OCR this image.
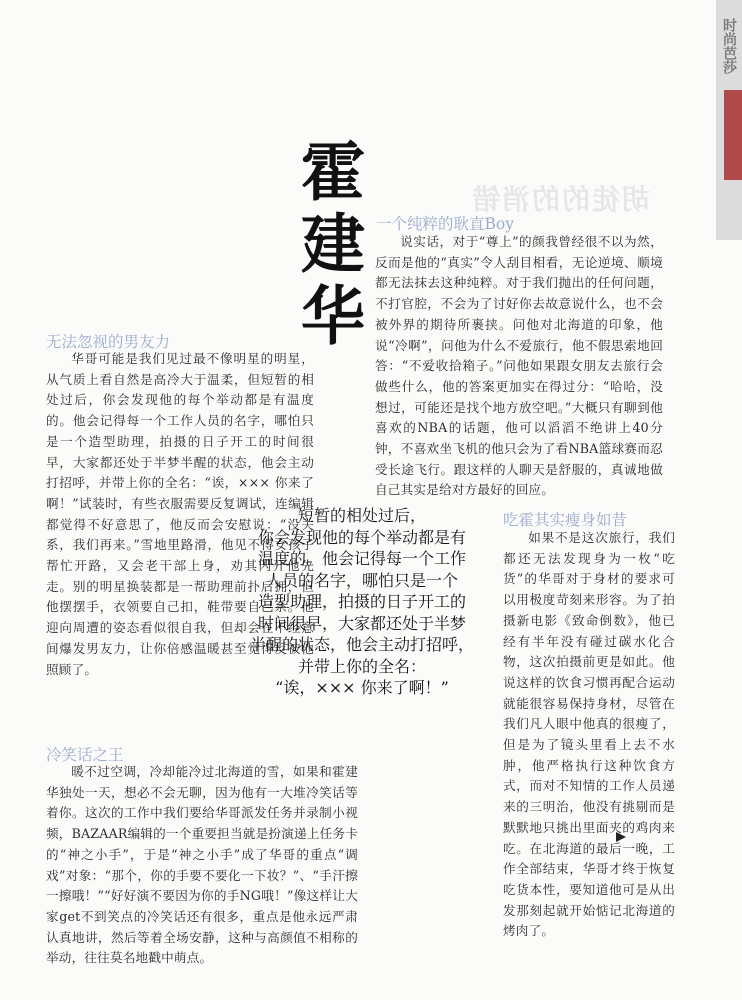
胡徒的的消错
时尚芭莎
霍建华 一个纯粹的耿直Boy
说实话，对于“尊上”的颜我曾经很不以为然，反而是他的“真实”令人刮目相看，无论逆境、顺境都无法抹去这种纯粹。对于我们抛出的任何问题，不打官腔，不会为了讨好你去故意说什么，也不会被外界的期待所裹挟。问他对北海道的印象，他说“冷啊”，问他为什么不爱旅行，他不假思索地回答：“不爱收拾箱子。”问他如果跟女朋友去旅行会做些什么，他的答案更加实在得过分：“哈哈，没想过，可能还是找个地方放空吧。”大概只有聊到他喜欢的NBA的话题，他可以滔滔不绝讲上40分钟，不喜欢坐飞机的他只会为了看NBA篮球赛而忍受长途飞行。跟这样的人聊天是舒服的，真诚地做自己其实是给对方最好的回应。
无法忽视的男友力
华哥可能是我们见过最不像明星的明星，从气质上看自然是高冷大于温柔，但短暂的相处过后，你会发现他的每个举动都是有温度的。他会记得每一个工作人员的名字，哪怕只是一个造型助理，拍摄的日子开工的时间很早，大家都还处于半梦半醒的状态，他会主动打招呼，并带上你的全名：“诶，××× 你来了啊！”试装时，有些衣服需要反复调试，连编辑都觉得不好意思了，他反而会安慰说：“没关系，我们再来。”雪地里路滑，他见不得女孩子帮忙开路，又会老干部上身，劝其闪开他先走。别的明星换装都是一帮助理前扑后拥，但他摆摆手，衣领要自己扣，鞋带要自己系。他迎向周遭的姿态看似很自我，但却会在不经意间爆发男友力，让你倍感温暖甚至觉得反被他照顾了。
短暂的相处过后，
你会发现他的每个举动都是有
温度的。他会记得每一个工作
人员的名字，哪怕只是一个
造型助理，拍摄的日子开工的
时间很早，大家都还处于半梦
半醒的状态，他会主动打招呼，
并带上你的全名：
“诶，××× 你来了啊！”
吃霍其实瘦身如昔
如果不是这次旅行，我们都还无法发现身为一枚“吃货”的华哥对于身材的要求可以用极度苛刻来形容。为了拍摄新电影《致命倒数》，他已经有半年没有碰过碳水化合物，这次拍摄前更是如此。他说这样的饮食习惯再配合运动就能很容易保持身材，尽管在我们凡人眼中他真的很瘦了，但是为了镜头里看上去不水肿，他严格执行这种饮食方式，而对不知情的工作人员递来的三明治，他没有挑剔而是默默地只挑出里面夹的鸡肉来吃。在北海道的最后一晚，工作全部结束，华哥才终于恢复吃货本性，要知道他可是从出发那刻起就开始惦记北海道的烤肉了。
冷笑话之王
暖不过空调，冷却能冷过北海道的雪，如果和霍建华独处一天，想必不会无聊，因为他有一大堆冷笑话等着你。这次的工作中我们要给华哥派发任务并录制小视频，BAZAAR编辑的一个重要担当就是扮演递上任务卡的“神之小手”，于是“神之小手”成了华哥的重点“调戏”对象：“那个，你的手要不要化一下妆？”、“手汗擦一擦哦！”“好好演不要因为你的手NG哦！”像这样让大家get不到笑点的冷笑话还有很多，重点是他永远严肃认真地讲，然后等着全场安静，这种与高颜值不相称的举动，往往莫名地戳中萌点。
